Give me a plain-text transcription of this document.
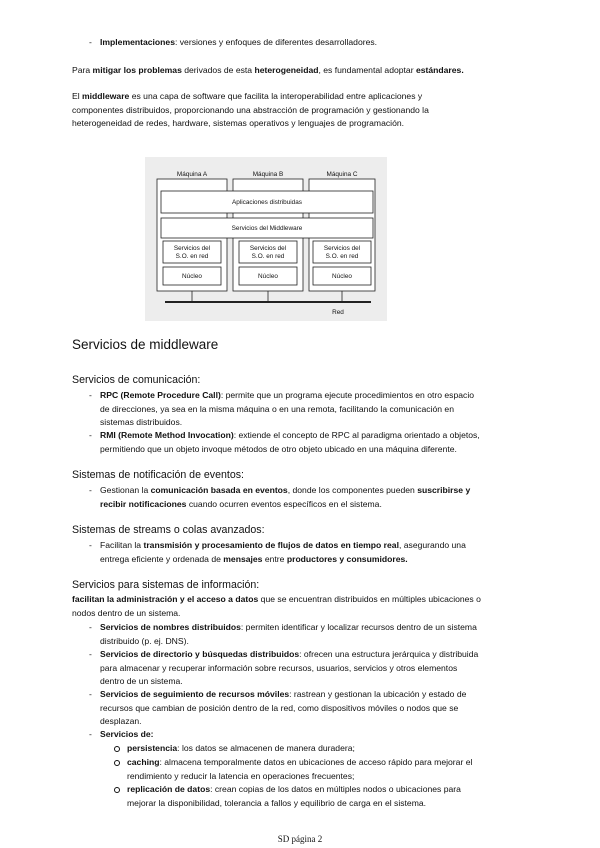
- Implementaciones: versiones y enfoques de diferentes desarrolladores.

Para mitigar los problemas derivados de esta heterogeneidad, es fundamental adoptar estándares.

El middleware es una capa de software que facilita la interoperabilidad entre aplicaciones y

componentes distribuidos, proporcionando una abstracción de programación y gestionando la

heterogeneidad de redes, hardware, sistemas operativos y lenguajes de programación.

Máquina A	Máquina B	Máquina C
Aplicaciones distribuidas
Servicios del Middleware
Servicios del
S.O. en red
Servicios del
S.O. en red
Servicios del
S.O. en red
Núcleo	Núcleo	Núcleo
Red
Servicios de middleware
Servicios de comunicación:
- RPC (Remote Procedure Call): permite que un programa ejecute procedimientos en otro espacio

de direcciones, ya sea en la misma máquina o en una remota, facilitando la comunicación en

sistemas distribuidos.

- RMI (Remote Method Invocation): extiende el concepto de RPC al paradigma orientado a objetos,

permitiendo que un objeto invoque métodos de otro objeto ubicado en una máquina diferente.

Sistemas de notificación de eventos:
- Gestionan la comunicación basada en eventos, donde los componentes pueden suscribirse y

recibir notificaciones cuando ocurren eventos específicos en el sistema.

Sistemas de streams o colas avanzados:
- Facilitan la transmisión y procesamiento de flujos de datos en tiempo real, asegurando una

entrega eficiente y ordenada de mensajes entre productores y consumidores.

Servicios para sistemas de información:

facilitan la administración y el acceso a datos que se encuentran distribuidos en múltiples ubicaciones o

nodos dentro de un sistema.

- Servicios de nombres distribuidos: permiten identificar y localizar recursos dentro de un sistema

distribuido (p. ej. DNS).

- Servicios de directorio y búsquedas distribuidos: ofrecen una estructura jerárquica y distribuida

para almacenar y recuperar información sobre recursos, usuarios, servicios y otros elementos

dentro de un sistema.

- Servicios de seguimiento de recursos móviles: rastrean y gestionan la ubicación y estado de

recursos que cambian de posición dentro de la red, como dispositivos móviles o nodos que se

desplazan.

- Servicios de:

persistencia: los datos se almacenen de manera duradera;

caching: almacena temporalmente datos en ubicaciones de acceso rápido para mejorar el

rendimiento y reducir la latencia en operaciones frecuentes;

replicación de datos: crean copias de los datos en múltiples nodos o ubicaciones para

mejorar la disponibilidad, tolerancia a fallos y equilibrio de carga en el sistema.

SD página 2
